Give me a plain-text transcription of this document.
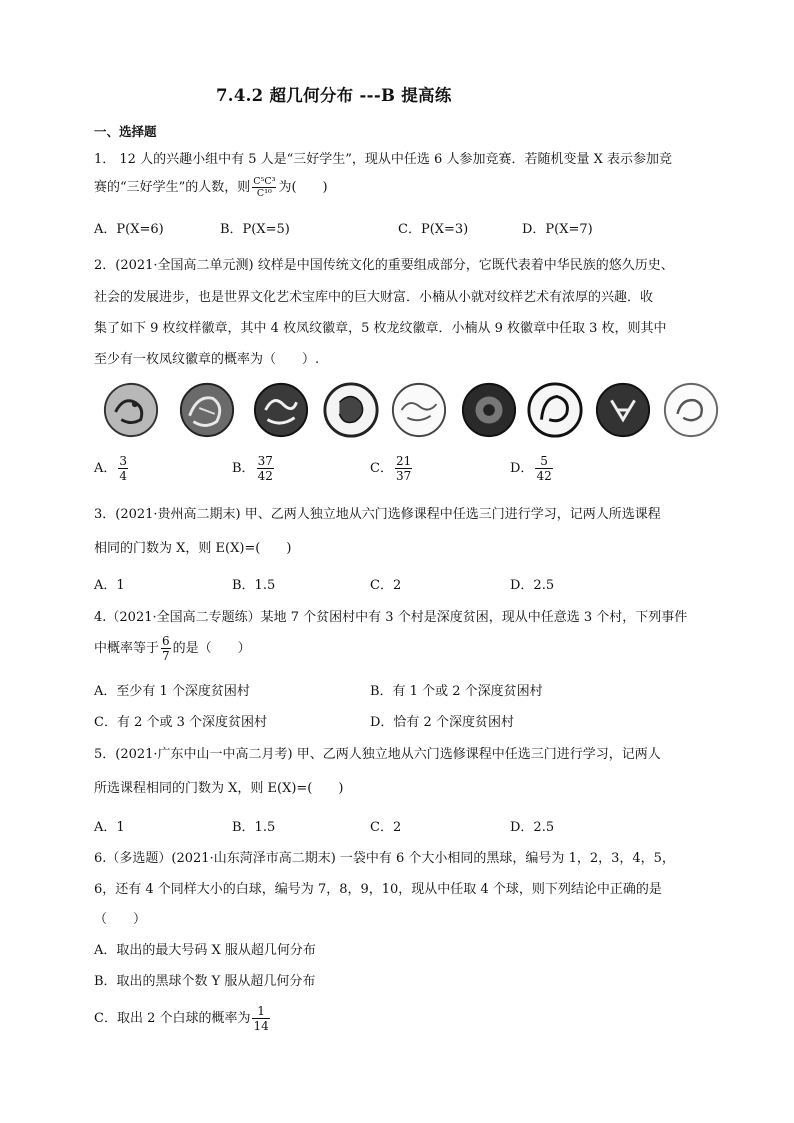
7.4.2 超几何分布 ---B 提高练
一、选择题
1． 12 人的兴趣小组中有 5 人是“三好学生”，现从中任选 6 人参加竞赛．若随机变量 X 表示参加竞
赛的“三好学生”的人数，则 $\frac{\text{C⁵C³}}{\text{C¹⁰}}$ 为(　　)
A．P(X=6)	B．P(X=5)	C．P(X=3)	D．P(X=7)
2．(2021·全国高二单元测) 纹样是中国传统文化的重要组成部分，它既代表着中华民族的悠久历史、
社会的发展进步，也是世界文化艺术宝库中的巨大财富．小楠从小就对纹样艺术有浓厚的兴趣．收
集了如下 9 枚纹样徽章，其中 4 枚凤纹徽章，5 枚龙纹徽章．小楠从 9 枚徽章中任取 3 枚，则其中
至少有一枚凤纹徽章的概率为（　　）.
A． $\frac{3}{4}$	B． $\frac{37}{42}$	C． $\frac{21}{37}$	D． $\frac{5}{42}$
3．(2021·贵州高二期末) 甲、乙两人独立地从六门选修课程中任选三门进行学习，记两人所选课程
相同的门数为 X，则 E(X)=(　　)
A．1	B．1.5	C．2	D．2.5
4.（2021·全国高二专题练）某地 7 个贫困村中有 3 个村是深度贫困，现从中任意选 3 个村，下列事件
中概率等于 $\frac{6}{7}$ 的是（　　）
A．至少有 1 个深度贫困村	B．有 1 个或 2 个深度贫困村
C．有 2 个或 3 个深度贫困村	D．恰有 2 个深度贫困村
5．(2021·广东中山一中高二月考) 甲、乙两人独立地从六门选修课程中任选三门进行学习，记两人
所选课程相同的门数为 X，则 E(X)=(　　)
A．1	B．1.5	C．2	D．2.5
6.（多选题）(2021·山东菏泽市高二期末) 一袋中有 6 个大小相同的黑球，编号为 1，2，3，4，5，
6，还有 4 个同样大小的白球，编号为 7，8，9，10，现从中任取 4 个球，则下列结论中正确的是
（　　）
A．取出的最大号码 X 服从超几何分布
B．取出的黑球个数 Y 服从超几何分布
C．取出 2 个白球的概率为 $\frac{1}{14}$
